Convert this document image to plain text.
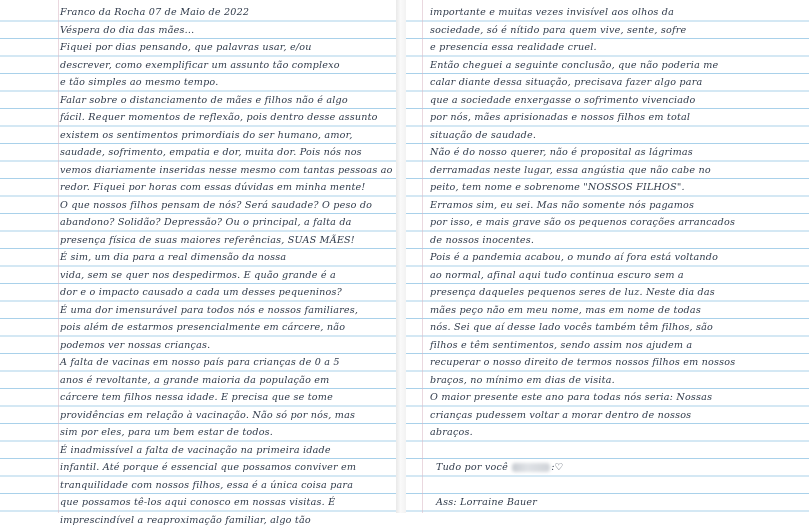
Franco da Rocha 07 de Maio de 2022
Véspera do dia das mães...
Fiquei por dias pensando, que palavras usar, e/ou
descrever, como exemplificar um assunto tão complexo
e tão simples ao mesmo tempo.
Falar sobre o distanciamento de mães e filhos não é algo
fácil. Requer momentos de reflexão, pois dentro desse assunto
existem os sentimentos primordiais do ser humano, amor,
saudade, sofrimento, empatia e dor, muita dor. Pois nós nos
vemos diariamente inseridas nesse mesmo com tantas pessoas ao
redor. Fiquei por horas com essas dúvidas em minha mente!
O que nossos filhos pensam de nós? Será saudade? O peso do
abandono? Solidão? Depressão? Ou o principal, a falta da
presença física de suas maiores referências, SUAS MÃES!
É sim, um dia para a real dimensão da nossa
vida, sem se quer nos despedirmos. E quão grande é a
dor e o impacto causado a cada um desses pequeninos?
É uma dor imensurável para todos nós e nossos familiares,
pois além de estarmos presencialmente em cárcere, não
podemos ver nossas crianças.
A falta de vacinas em nosso país para crianças de 0 a 5
anos é revoltante, a grande maioria da população em
cárcere tem filhos nessa idade. E precisa que se tome
providências em relação à vacinação. Não só por nós, mas
sim por eles, para um bem estar de todos.
É inadmissível a falta de vacinação na primeira idade
infantil. Até porque é essencial que possamos conviver em
tranquilidade com nossos filhos, essa é a única coisa para
que possamos tê-los aqui conosco em nossas visitas. É
imprescindível a reaproximação familiar, algo tão
importante e muitas vezes invisível aos olhos da
sociedade, só é nítido para quem vive, sente, sofre
e presencia essa realidade cruel.
Então cheguei a seguinte conclusão, que não poderia me
calar diante dessa situação, precisava fazer algo para
que a sociedade enxergasse o sofrimento vivenciado
por nós, mães aprisionadas e nossos filhos em total
situação de saudade.
Não é do nosso querer, não é proposital as lágrimas
derramadas neste lugar, essa angústia que não cabe no
peito, tem nome e sobrenome "NOSSOS FILHOS".
Erramos sim, eu sei. Mas não somente nós pagamos
por isso, e mais grave são os pequenos corações arrancados
de nossos inocentes.
Pois é a pandemia acabou, o mundo aí fora está voltando
ao normal, afinal aqui tudo continua escuro sem a
presença daqueles pequenos seres de luz. Neste dia das
mães peço não em meu nome, mas em nome de todas
nós. Sei que aí desse lado vocês também têm filhos, são
filhos e têm sentimentos, sendo assim nos ajudem a
recuperar o nosso direito de termos nossos filhos em nossos
braços, no mínimo em dias de visita.
O maior presente este ano para todas nós seria: Nossas
crianças pudessem voltar a morar dentro de nossos
abraços.
Tudo por você	:♡
Ass: Lorraine Bauer
